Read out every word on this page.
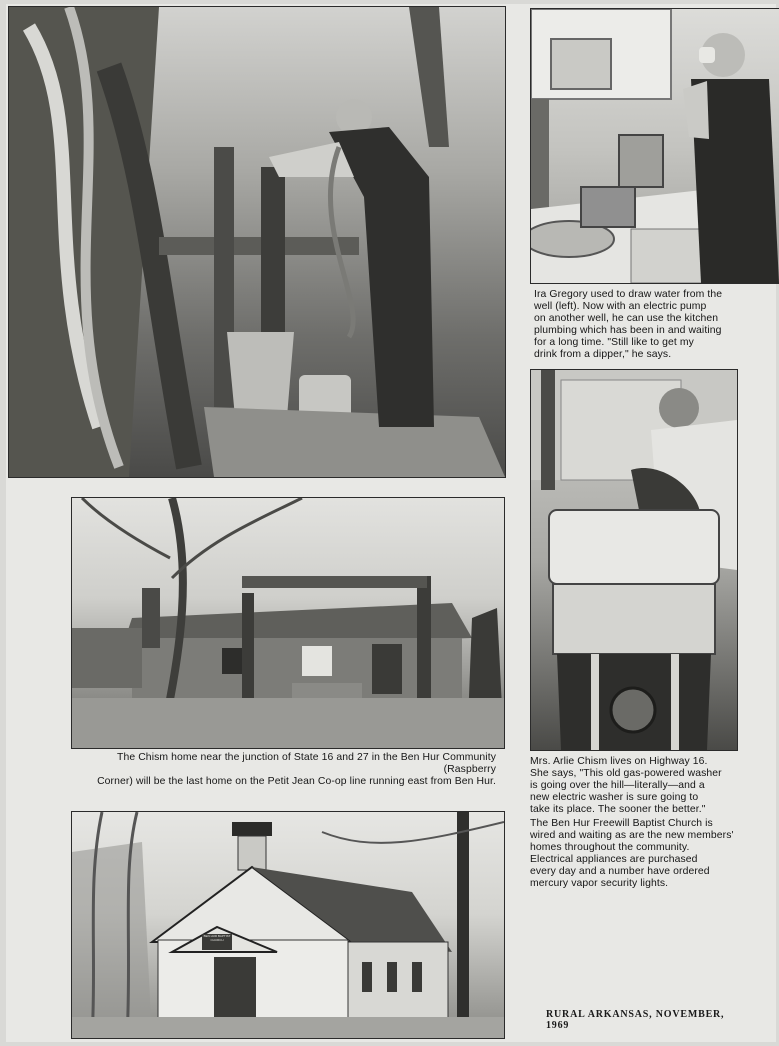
Ira Gregory used to draw water from the
well (left). Now with an electric pump
on another well, he can use the kitchen
plumbing which has been in and waiting
for a long time. "Still like to get my
drink from a dipper," he says.
The Chism home near the junction of State 16 and 27 in the Ben Hur Community (Raspberry
Corner) will be the last home on the Petit Jean Co-op line running east from Ben Hur.
Mrs. Arlie Chism lives on Highway 16.
She says, "This old gas-powered washer
is going over the hill—literally—and a
new electric washer is sure going to
take its place. The sooner the better."
The Ben Hur Freewill Baptist Church is
wired and waiting as are the new members'
homes throughout the community.
Electrical appliances are purchased
every day and a number have ordered
mercury vapor security lights.
BEN HUR BAPTIST CHURCH
RURAL ARKANSAS, NOVEMBER, 1969
